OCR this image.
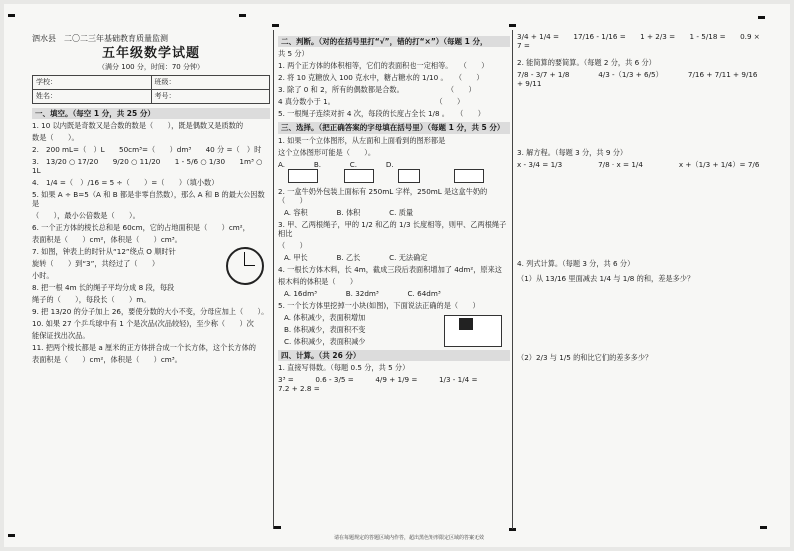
泗水县　二〇二三年基础教育质量监测
五年级数学试题
（满分 100 分，时间：70 分钟）
学校：	班级：
姓名：	考号：
一、填空。（每空 1 分，共 25 分）
1. 10 以内既是奇数又是合数的数是（　　），既是偶数又是质数的
数是（　　）。
2.　200 mL=（　）L　　50cm³=（　　）dm³　　40 分 =（　）时
3.　13/20 ○ 17/20　　9/20 ○ 11/20　　1 - 5/6 ○ 1/30　　1m³ ○ 1L
4.　1/4 =（　）/16 = 5 ÷（　　）=（　　）（填小数）
5. 如果 A ÷ B=5（A 和 B 都是非零自然数），那么 A 和 B 的最大公因数是
（　　），最小公倍数是（　　）。
6. 一个正方体的棱长总和是 60cm，它的占地面积是（　　）cm²，
表面积是（　　）cm²，体积是（　　）cm³。
7. 如图，钟表上的时针从“12”绕点 O 顺时针
旋转（　　）到“3”，共经过了（　　）
小时。
8. 把一根 4m 长的绳子平均分成 8 段，每段
绳子的（　　），每段长（　　）m。
9. 把 13/20 的分子加上 26，要使分数的大小不变，分母应加上（　　）。
10. 如果 27 个乒乓球中有 1 个是次品(次品较轻)，至少称（　　）次
能保证找出次品。
11. 把两个棱长都是 a 厘米的正方体拼合成一个长方体，这个长方体的
表面积是（　　）cm²，体积是（　　）cm³。
二、判断。（对的在括号里打“√”，错的打“×”）（每题 1 分，
共 5 分）
1. 两个正方体的体积相等，它们的表面积也一定相等。　　（　　）
2. 将 10 克糖放入 100 克水中，糖占糖水的 1/10 。　　（　　）
3. 除了 0 和 2，所有的偶数都是合数。　　　　　　　（　　）
4 真分数小于 1。　　　　　　　　　　　　　　　（　　）
5. 一根绳子连续对折 4 次，每段的长度占全长 1/8 。　　（　　）
三、选择。（把正确答案的字母填在括号里）（每题 1 分，共 5 分）
1. 如果一个立体图形，从左面和上面看到的图形都是
这个立体图形可能是（　　）。
A.　　　　B.　　　　C.　　　　D.
2. 一盒牛奶外包装上面标有 250mL 字样，250mL 是这盒牛奶的（　　）
A. 容积　　　　B. 体积　　　　C. 质量
3. 甲、乙两根绳子，甲的 1/2 和乙的 1/3 长度相等，则甲、乙两根绳子相比
（　　）
A. 甲长　　　　B. 乙长　　　　C. 无法确定
4. 一根长方体木料，长 4m，截成三段后表面积增加了 4dm²，原来这
根木料的体积是（　　）
A. 16dm³　　　　B. 32dm³　　　　C. 64dm³
5. 一个长方体里挖掉一小块(如图)，下面说法正确的是（　　）
A. 体积减少，表面积增加
B. 体积减少，表面积不变
C. 体积减少，表面积减少
四、计算。（共 26 分）
1. 直接写得数。（每题 0.5 分，共 5 分）
3³ =　　　0.6 - 3/5 =　　　4/9 + 1/9 =　　　1/3 - 1/4 =　　　7.2 + 2.8 =
3/4 + 1/4 =　　17/16 - 1/16 =　　1 + 2/3 =　　1 - 5/18 =　　0.9 × 7 =
2. 能简算的要简算。（每题 2 分，共 6 分）
7/8 - 3/7 + 1/8　　　　4/3 -（1/3 + 6/5）　　　　7/16 + 7/11 + 9/16 + 9/11
3. 解方程。（每题 3 分，共 9 分）
x - 3/4 = 1/3　　　　　7/8 · x = 1/4　　　　　x +（1/3 + 1/4）= 7/6
4. 列式计算。（每题 3 分，共 6 分）
（1）从 13/16 里面减去 1/4 与 1/8 的和，差是多少？
（2）2/3 与 1/5 的和比它们的差多多少？
请在每题规定的答题区域内作答，超出黑色矩形限定区域的答案无效
